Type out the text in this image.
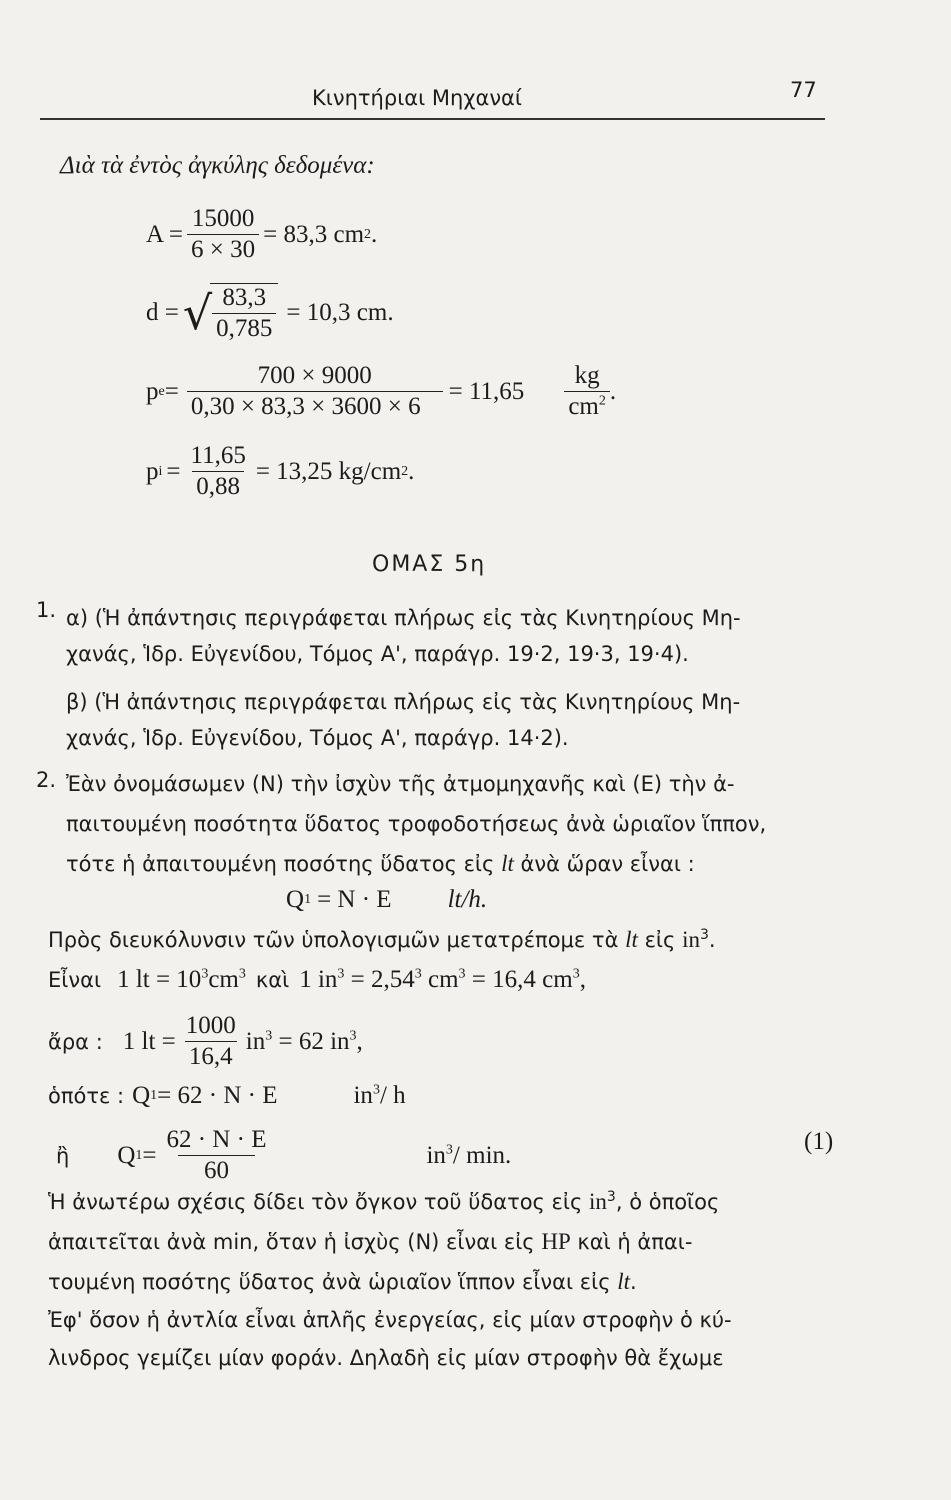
Κινητήριαι Μηχαναί	77
Διὰ τὰ ἐντὸς ἀγκύλης δεδομένα:
$A = \frac{15000}{6 \times 30} = 83,3$ cm 2 .
d = √ $\frac{83,3}{0,785} = 10,3$ cm.
p $e = \frac{700 \times 9000}{0,30 \times 83,3 \times 3600 \times 6} = 11,65 \frac{kg}{cm^2}$ .
p $i = \frac{11,65}{0,88} = 13,25$ kg/cm 2 .
ΟΜΑΣ 5η
1. α) (Ἡ ἀπάντησις περιγράφεται πλήρως εἰς τὰς Κινητηρίους Μη-
χανάς, Ἱδρ. Εὐγενίδου, Τόμος Α', παράγρ. 19·2, 19·3, 19·4).
β) (Ἡ ἀπάντησις περιγράφεται πλήρως εἰς τὰς Κινητηρίους Μη-
χανάς, Ἱδρ. Εὐγενίδου, Τόμος Α', παράγρ. 14·2).
2. Ἐὰν ὀνομάσωμεν (Ν) τὴν ἰσχὺν τῆς ἀτμομηχανῆς καὶ (Ε) τὴν ἀ-
παιτουμένη ποσότητα ὕδατος τροφοδοτήσεως ἀνὰ ὡριαῖον ἵππον,
τότε ἡ ἀπαιτουμένη ποσότης ὕδατος εἰς lt ἀνὰ ὥραν εἶναι :
Q 1 = N · E lt/h.
Πρὸς διευκόλυνσιν τῶν ὑπολογισμῶν μετατρέπομε τὰ lt εἰς $in^3$.
Εἶναι 1 lt = $10^3cm^3$ καὶ 1 $in^3 = 2,54^3$ $cm^3 = 16,4$ $cm^3$,
ἄρα : 1 lt = $\frac{1000}{16,4} in^3 = 62$ $in^3$,
ὁπότε : Q 1 = 62 · N · E	$in^3/$ h
ἢ Q $1 = \frac{62 \cdot N \cdot E}{60}$	$in^3/$ min.	(1)
Ἡ ἀνωτέρω σχέσις δίδει τὸν ὄγκον τοῦ ὕδατος εἰς $in^3$, ὁ ὁποῖος
ἀπαιτεῖται ἀνὰ min, ὅταν ἡ ἰσχὺς (Ν) εἶναι εἰς HP καὶ ἡ ἀπαι-
τουμένη ποσότης ὕδατος ἀνὰ ὡριαῖον ἵππον εἶναι εἰς lt.
Ἐφ' ὅσον ἡ ἀντλία εἶναι ἁπλῆς ἐνεργείας, εἰς μίαν στροφὴν ὁ κύ-
λινδρος γεμίζει μίαν φοράν. Δηλαδὴ εἰς μίαν στροφὴν θὰ ἔχωμε
